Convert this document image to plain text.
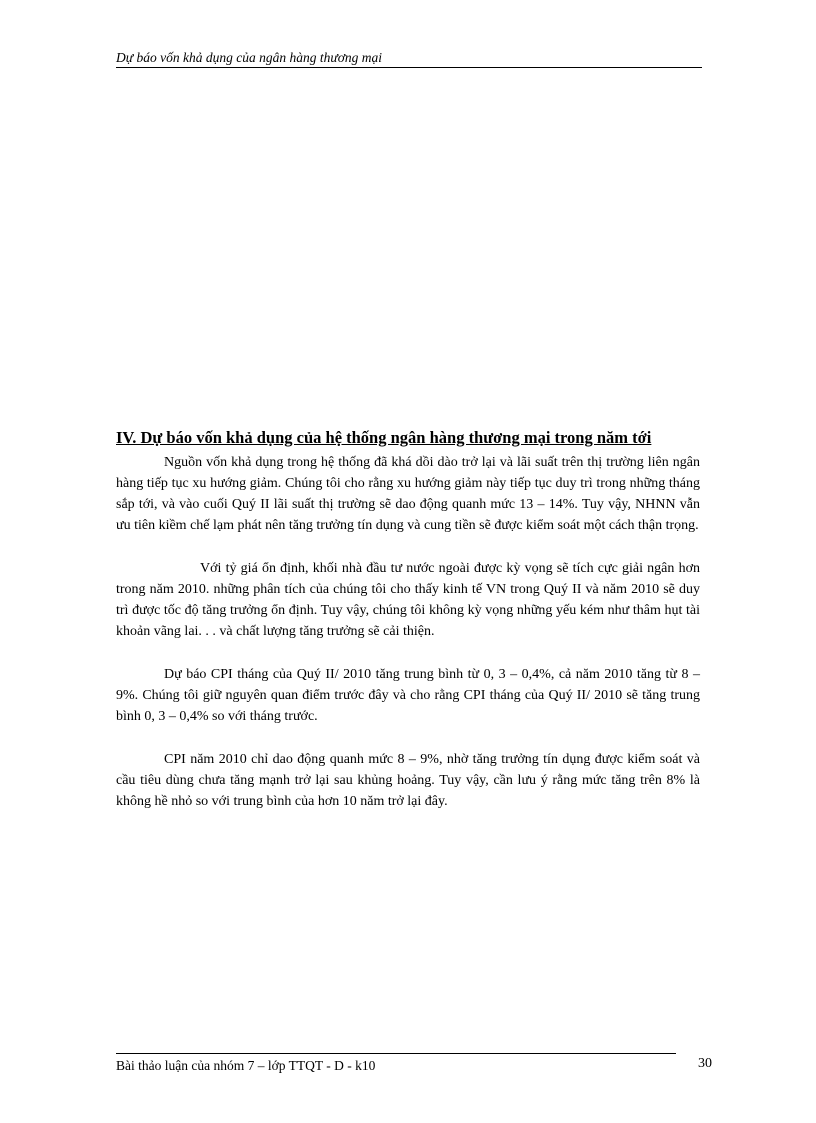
Dự báo vốn khả dụng của ngân hàng thương mại
IV. Dự báo vốn khả dụng của hệ thống ngân hàng thương mại trong năm tới

Nguồn vốn khả dụng trong hệ thống đã khá dồi dào trở lại và lãi suất trên thị trường liên ngân hàng tiếp tục xu hướng giảm. Chúng tôi cho rằng xu hướng giảm này tiếp tục duy trì trong những tháng sắp tới, và vào cuối Quý II lãi suất thị trường sẽ dao động quanh mức 13 – 14%. Tuy vậy, NHNN vẫn ưu tiên kiềm chế lạm phát nên tăng trưởng tín dụng và cung tiền sẽ được kiểm soát một cách thận trọng.

Với tỷ giá ổn định, khối nhà đầu tư nước ngoài được kỳ vọng sẽ tích cực giải ngân hơn trong năm 2010. những phân tích của chúng tôi cho thấy kinh tế VN trong Quý II và năm 2010 sẽ duy trì được tốc độ tăng trưởng ổn định. Tuy vậy, chúng tôi không kỳ vọng những yếu kém như thâm hụt tài khoản vãng lai. . . và chất lượng tăng trưởng sẽ cải thiện.

Dự báo CPI tháng của Quý II/ 2010 tăng trung bình từ 0, 3 – 0,4%, cả năm 2010 tăng từ 8 – 9%. Chúng tôi giữ nguyên quan điểm trước đây và cho rằng CPI tháng của Quý II/ 2010 sẽ tăng trung bình 0, 3 – 0,4% so với tháng trước.

CPI năm 2010 chỉ dao động quanh mức 8 – 9%, nhờ tăng trưởng tín dụng được kiểm soát và cầu tiêu dùng chưa tăng mạnh trở lại sau khủng hoảng. Tuy vậy, cần lưu ý rằng mức tăng trên 8% là không hề nhỏ so với trung bình của hơn 10 năm trở lại đây.

Bài thảo luận của nhóm 7 – lớp TTQT - D - k10	30
